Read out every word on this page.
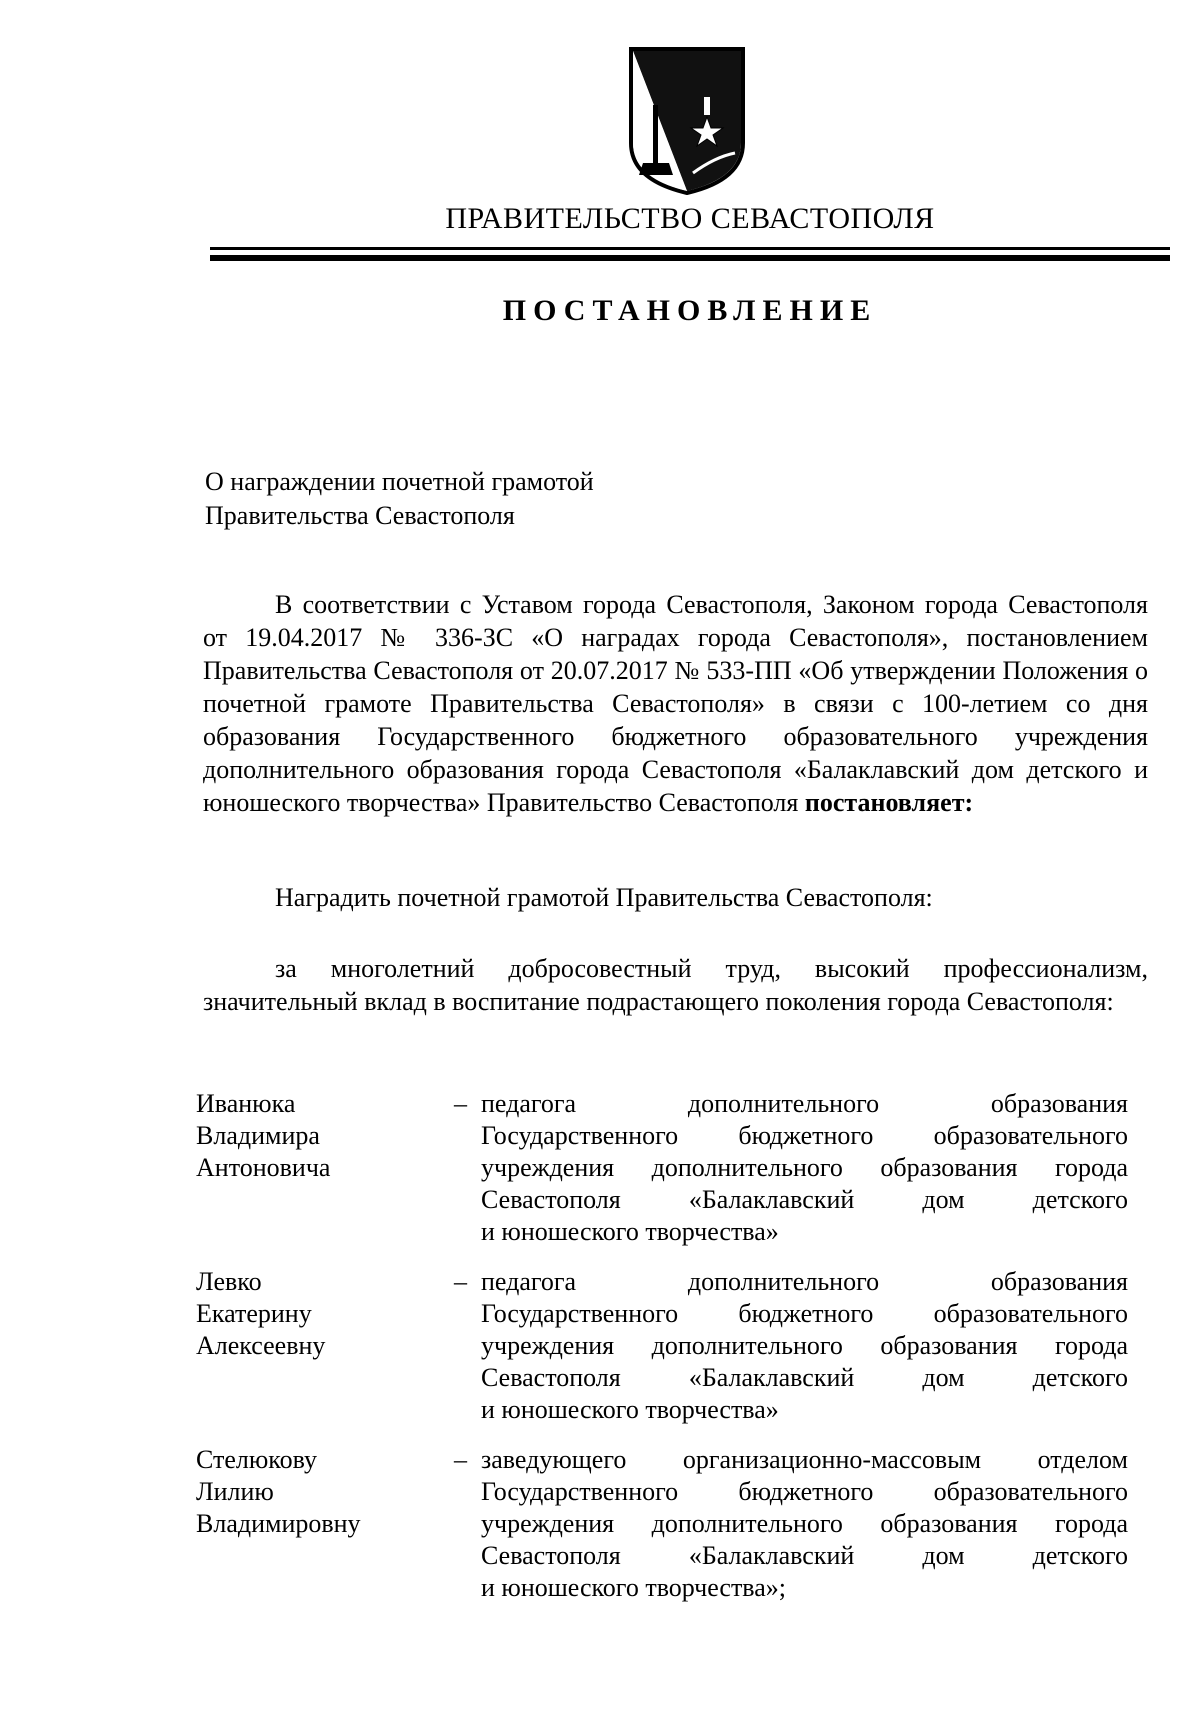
ПРАВИТЕЛЬСТВО СЕВАСТОПОЛЯ
ПОСТАНОВЛЕНИЕ
О награждении почетной грамотой
Правительства Севастополя
В соответствии с Уставом города Севастополя, Законом города Севастополя от 19.04.2017 № 336-ЗС «О наградах города Севастополя», постановлением Правительства Севастополя от 20.07.2017 № 533-ПП «Об утверждении Положения о почетной грамоте Правительства Севастополя» в связи с 100-летием со дня образования Государственного бюджетного образовательного учреждения дополнительного образования города Севастополя «Балаклавский дом детского и юношеского творчества» Правительство Севастополя постановляет:
Наградить почетной грамотой Правительства Севастополя:
за многолетний добросовестный труд, высокий профессионализм, значительный вклад в воспитание подрастающего поколения города Севастополя:
Иванюка
Владимира
Антоновича
– педагога дополнительного образования
Государственного бюджетного образовательного
учреждения дополнительного образования города
Севастополя «Балаклавский дом детского
и юношеского творчества»
Левко
Екатерину
Алексеевну
– педагога дополнительного образования
Государственного бюджетного образовательного
учреждения дополнительного образования города
Севастополя «Балаклавский дом детского
и юношеского творчества»
Стелюкову
Лилию
Владимировну
– заведующего организационно-массовым отделом
Государственного бюджетного образовательного
учреждения дополнительного образования города
Севастополя «Балаклавский дом детского
и юношеского творчества»;
